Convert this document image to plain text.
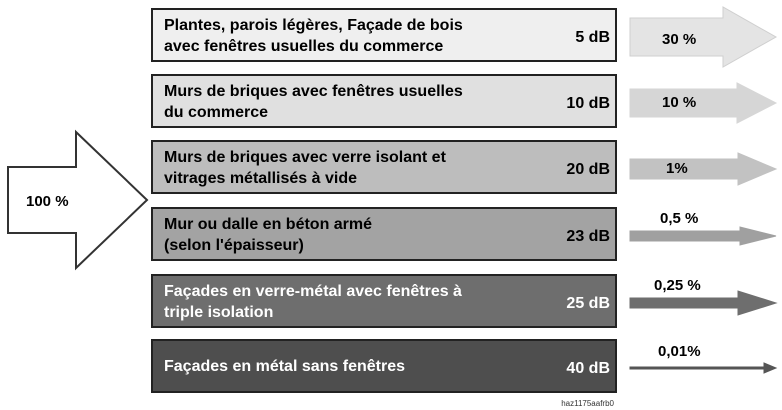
100 %
Plantes, parois légères, Façade de bois
avec fenêtres usuelles du commerce
5 dB	30 %
Murs de briques avec fenêtres usuelles
du commerce
10 dB	10 %
Murs de briques avec verre isolant et
vitrages métallisés à vide
20 dB	1%
Mur ou dalle en béton armé
(selon l'épaisseur)
23 dB
0,5 %
Façades en verre-métal avec fenêtres à
triple isolation
25 dB
0,25 %
Façades en métal sans fenêtres	40 dB
0,01%
haz1175aafrb0
